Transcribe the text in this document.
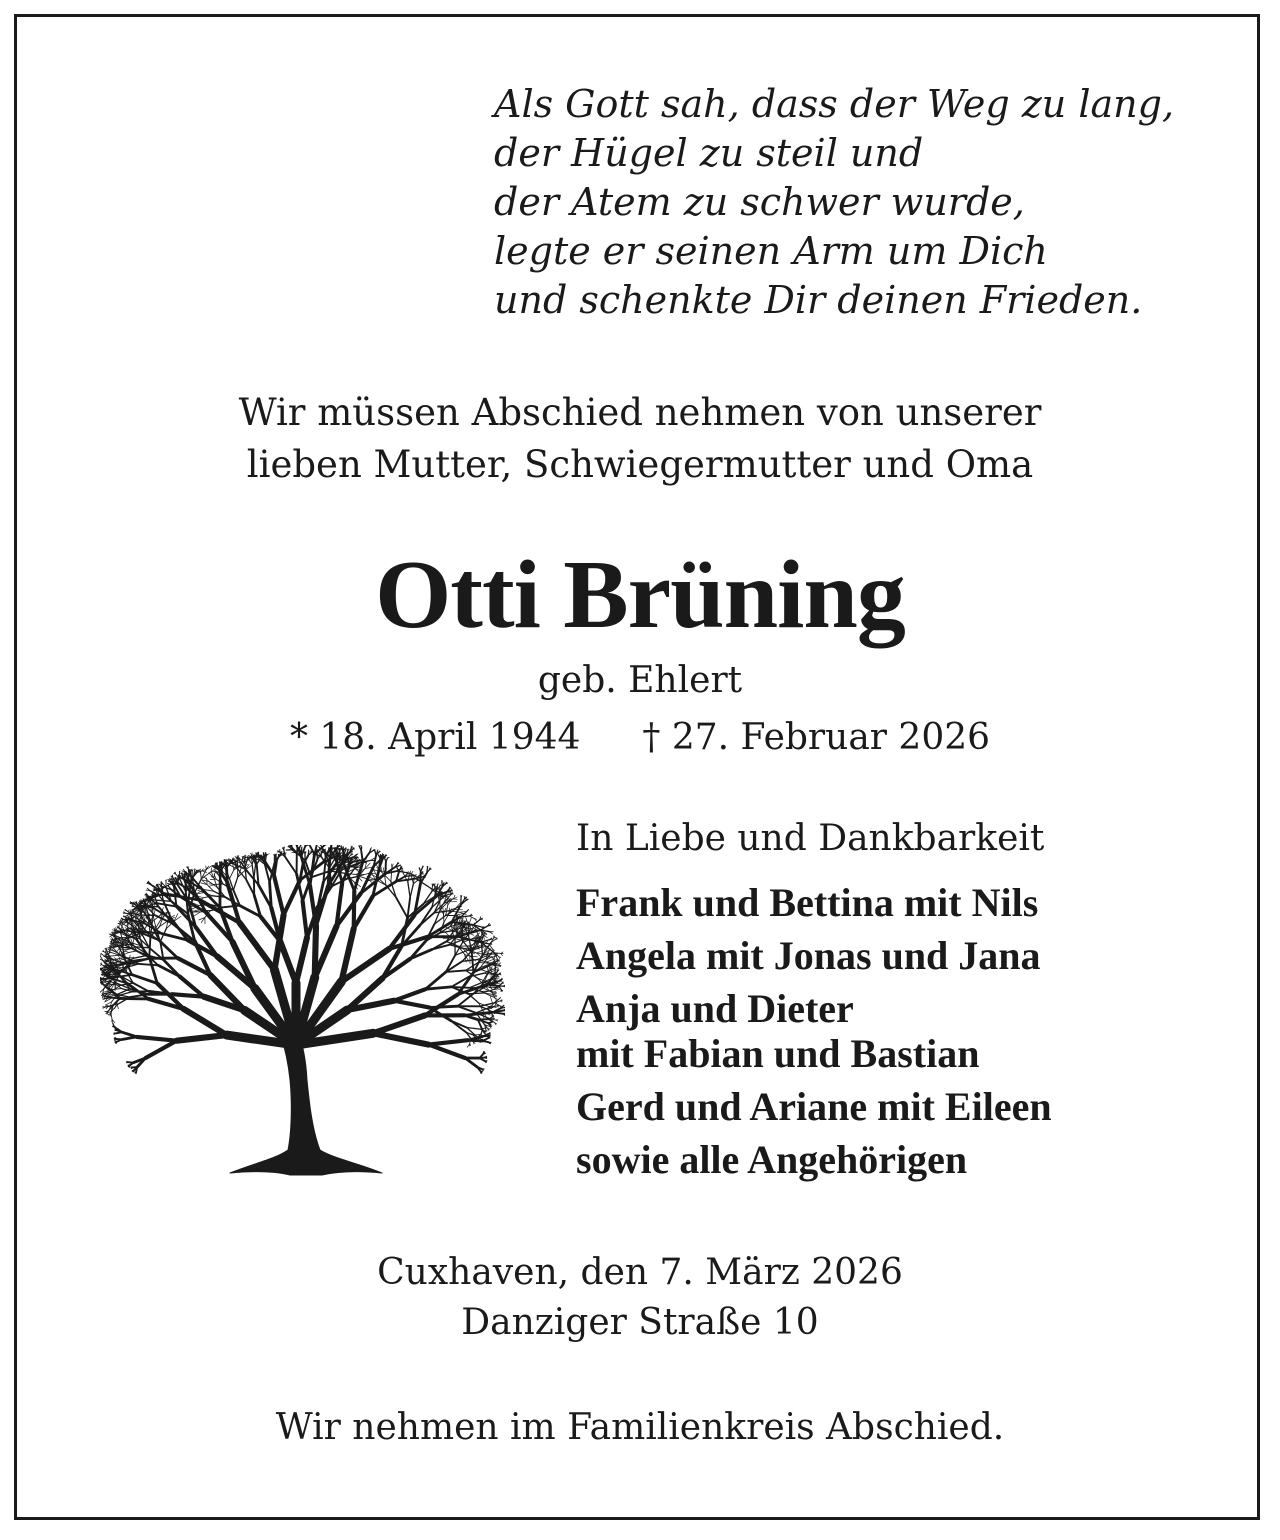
Als Gott sah, dass der Weg zu lang,
der Hügel zu steil und
der Atem zu schwer wurde,
legte er seinen Arm um Dich
und schenkte Dir deinen Frieden.
Wir müssen Abschied nehmen von unserer
lieben Mutter, Schwiegermutter und Oma
Otti Brüning
geb. Ehlert
* 18. April 1944 † 27. Februar 2026
In Liebe und Dankbarkeit
Frank und Bettina mit Nils
Angela mit Jonas und Jana
Anja und Dieter
mit Fabian und Bastian
Gerd und Ariane mit Eileen
sowie alle Angehörigen
Cuxhaven, den 7. März 2026
Danziger Straße 10
Wir nehmen im Familienkreis Abschied.
